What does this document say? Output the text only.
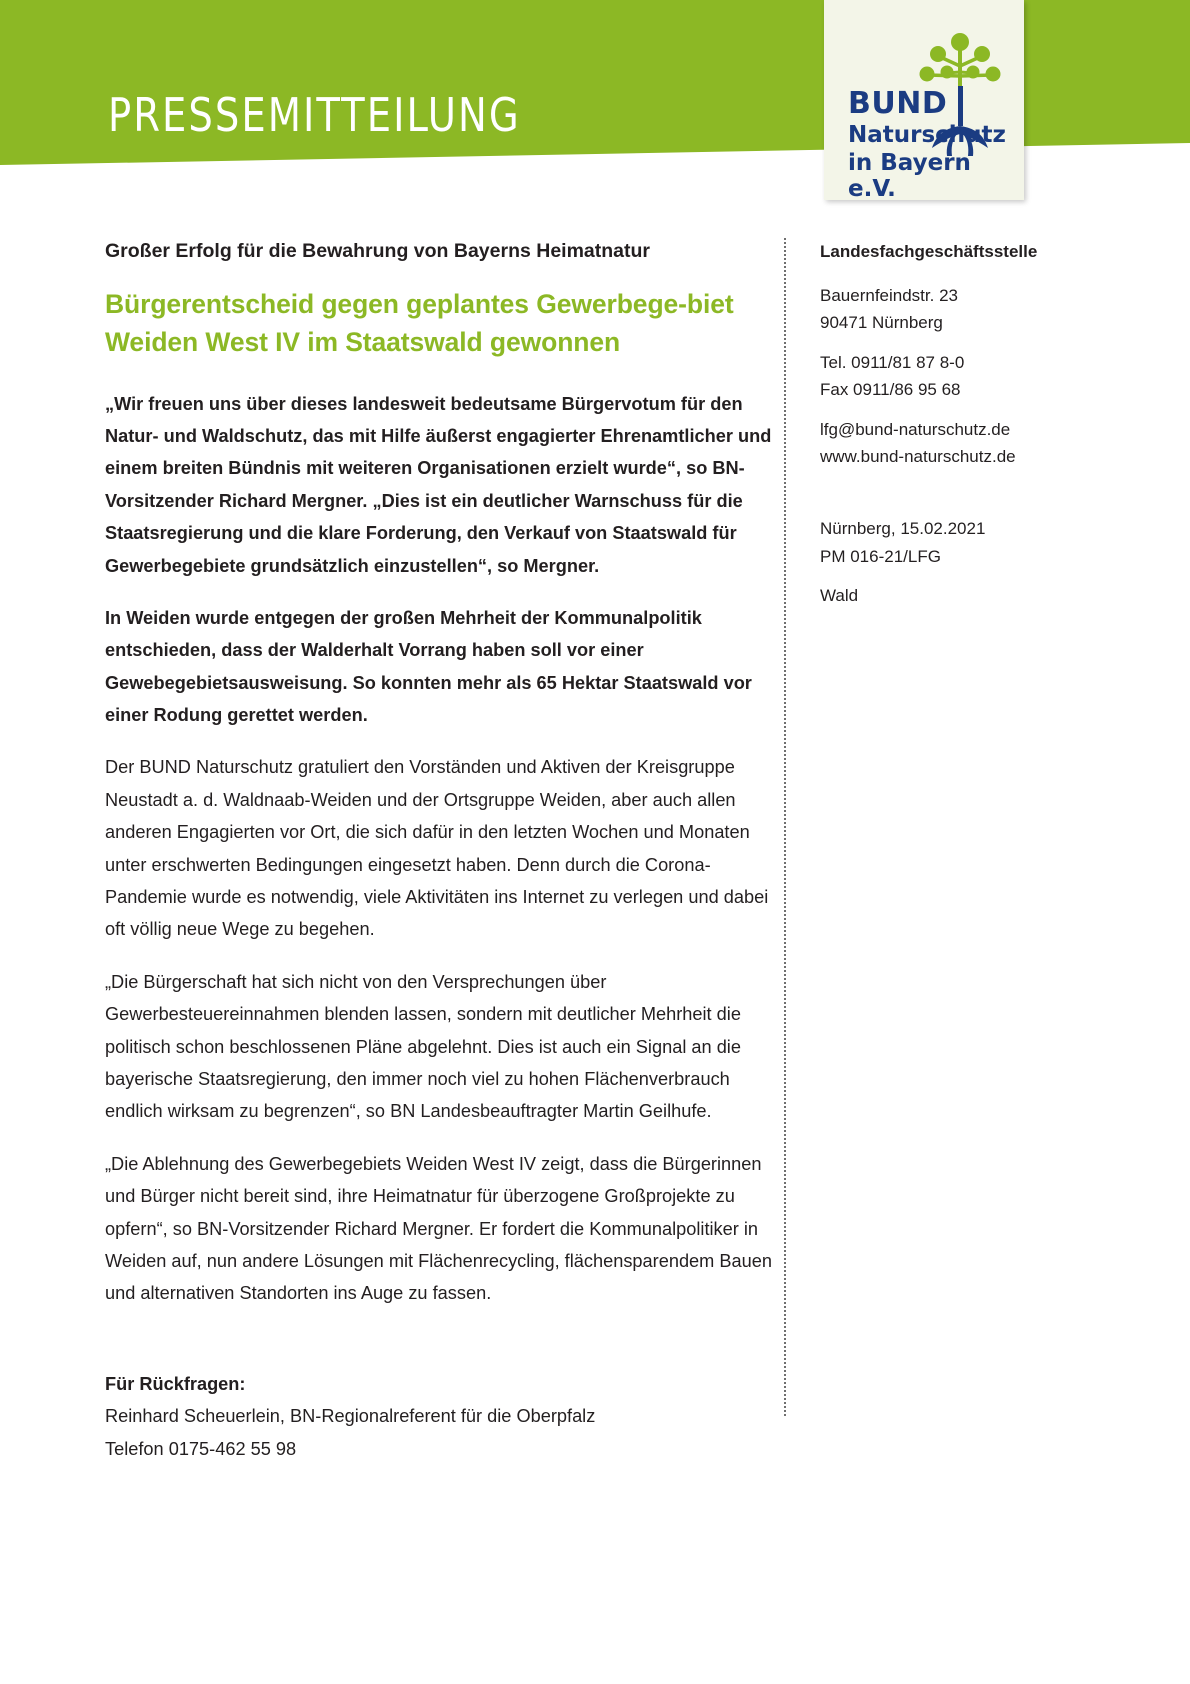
PRESSEMITTEILUNG	BUND
Naturschutz
in Bayern e.V.

Großer Erfolg für die Bewahrung von Bayerns Heimatnatur

Bürgerentscheid gegen geplantes Gewerbege-biet Weiden West IV im Staatswald gewonnen

„Wir freuen uns über dieses landesweit bedeutsame Bürgervotum für den Natur- und Waldschutz, das mit Hilfe äußerst engagierter Ehrenamtlicher und einem breiten Bündnis mit weiteren Organisationen erzielt wurde“, so BN-Vorsitzender Richard Mergner. „Dies ist ein deutlicher Warnschuss für die Staatsregierung und die klare Forderung, den Verkauf von Staatswald für Gewerbegebiete grundsätzlich einzustellen“, so Mergner.

In Weiden wurde entgegen der großen Mehrheit der Kommunalpolitik entschieden, dass der Walderhalt Vorrang haben soll vor einer Gewebegebietsausweisung. So konnten mehr als 65 Hektar Staatswald vor einer Rodung gerettet werden.

Der BUND Naturschutz gratuliert den Vorständen und Aktiven der Kreisgruppe Neustadt a. d. Waldnaab-Weiden und der Ortsgruppe Weiden, aber auch allen anderen Engagierten vor Ort, die sich dafür in den letzten Wochen und Monaten unter erschwerten Bedingungen eingesetzt haben. Denn durch die Corona-Pandemie wurde es notwendig, viele Aktivitäten ins Internet zu verlegen und dabei oft völlig neue Wege zu begehen.

„Die Bürgerschaft hat sich nicht von den Versprechungen über Gewerbesteuereinnahmen blenden lassen, sondern mit deutlicher Mehrheit die politisch schon beschlossenen Pläne abgelehnt. Dies ist auch ein Signal an die bayerische Staatsregierung, den immer noch viel zu hohen Flächenverbrauch endlich wirksam zu begrenzen“, so BN Landesbeauftragter Martin Geilhufe.

„Die Ablehnung des Gewerbegebiets Weiden West IV zeigt, dass die Bürgerinnen und Bürger nicht bereit sind, ihre Heimatnatur für überzogene Großprojekte zu opfern“, so BN-Vorsitzender Richard Mergner. Er fordert die Kommunalpolitiker in Weiden auf, nun andere Lösungen mit Flächenrecycling, flächensparendem Bauen und alternativen Standorten ins Auge zu fassen.

Für Rückfragen:

Reinhard Scheuerlein, BN-Regionalreferent für die Oberpfalz

Telefon 0175-462 55 98

Landesfachgeschäftsstelle

Bauernfeindstr. 23

90471 Nürnberg

Tel. 0911/81 87 8-0

Fax 0911/86 95 68

lfg@bund-naturschutz.de

www.bund-naturschutz.de

Nürnberg, 15.02.2021

PM 016-21/LFG

Wald
